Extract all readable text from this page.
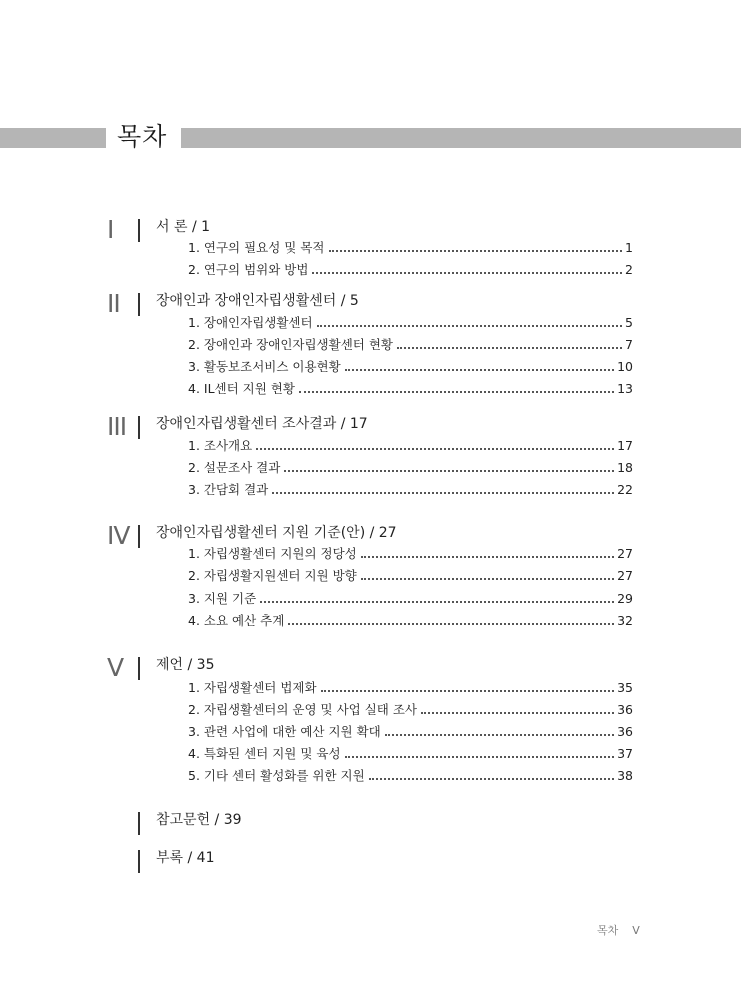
목차
I	서 론 / 1
1. 연구의 필요성 및 목적	1
2. 연구의 범위와 방법	2
II	장애인과 장애인자립생활센터 / 5
1. 장애인자립생활센터	5
2. 장애인과 장애인자립생활센터 현황	7
3. 활동보조서비스 이용현황	10
4. IL센터 지원 현황	13
III 장애인자립생활센터 조사결과 / 17
1. 조사개요	17
2. 설문조사 결과	18
3. 간담회 결과	22
IV 장애인자립생활센터 지원 기준(안) / 27
1. 자립생활센터 지원의 정당성	27
2. 자립생활지원센터 지원 방향	27
3. 지원 기준	29
4. 소요 예산 추계	32
V 제언 / 35
1. 자립생활센터 법제화	35
2. 자립생활센터의 운영 및 사업 실태 조사	36
3. 관련 사업에 대한 예산 지원 확대	36
4. 특화된 센터 지원 및 육성	37
5. 기타 센터 활성화를 위한 지원	38
참고문헌 / 39
부록 / 41
목차 V
